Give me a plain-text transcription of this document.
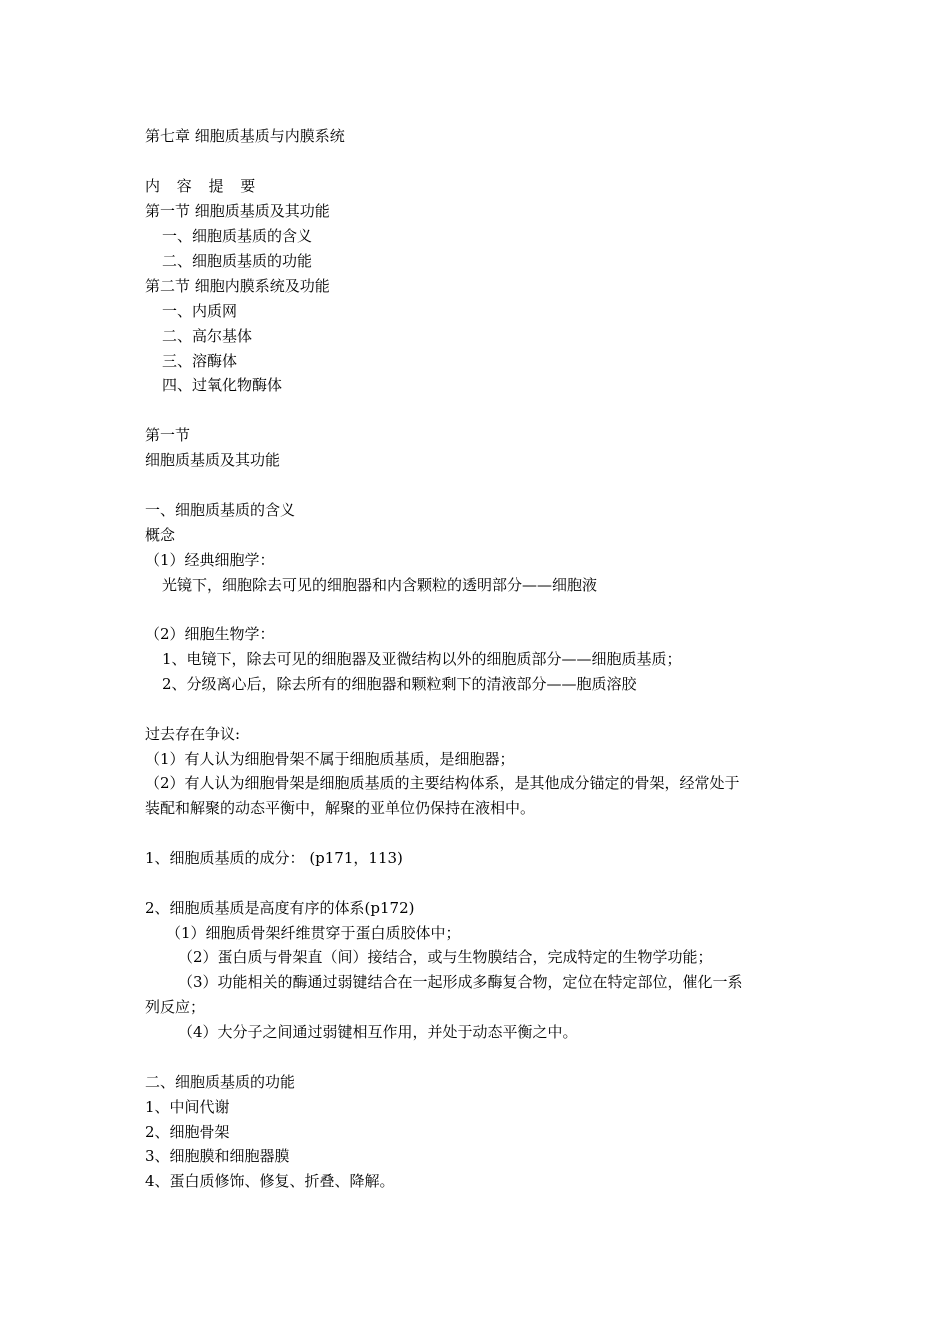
第七章 细胞质基质与内膜系统
内 容 提 要
第一节 细胞质基质及其功能
一、细胞质基质的含义
二、细胞质基质的功能
第二节 细胞内膜系统及功能
一、内质网
二、高尔基体
三、溶酶体
四、过氧化物酶体
第一节
细胞质基质及其功能
一、细胞质基质的含义
概念
（1）经典细胞学：
光镜下，细胞除去可见的细胞器和内含颗粒的透明部分——细胞液
（2）细胞生物学：
1、电镜下，除去可见的细胞器及亚微结构以外的细胞质部分——细胞质基质；
2、分级离心后，除去所有的细胞器和颗粒剩下的清液部分——胞质溶胶
过去存在争议:
（1）有人认为细胞骨架不属于细胞质基质，是细胞器；
（2）有人认为细胞骨架是细胞质基质的主要结构体系，是其他成分锚定的骨架，经常处于
装配和解聚的动态平衡中，解聚的亚单位仍保持在液相中。
1、细胞质基质的成分： (p171，113)
2、细胞质基质是高度有序的体系(p172)
（1）细胞质骨架纤维贯穿于蛋白质胶体中；
（2）蛋白质与骨架直（间）接结合，或与生物膜结合，完成特定的生物学功能；
（3）功能相关的酶通过弱键结合在一起形成多酶复合物，定位在特定部位，催化一系
列反应；
（4）大分子之间通过弱键相互作用，并处于动态平衡之中。
二、细胞质基质的功能
1、中间代谢
2、细胞骨架
3、细胞膜和细胞器膜
4、蛋白质修饰、修复、折叠、降解。
